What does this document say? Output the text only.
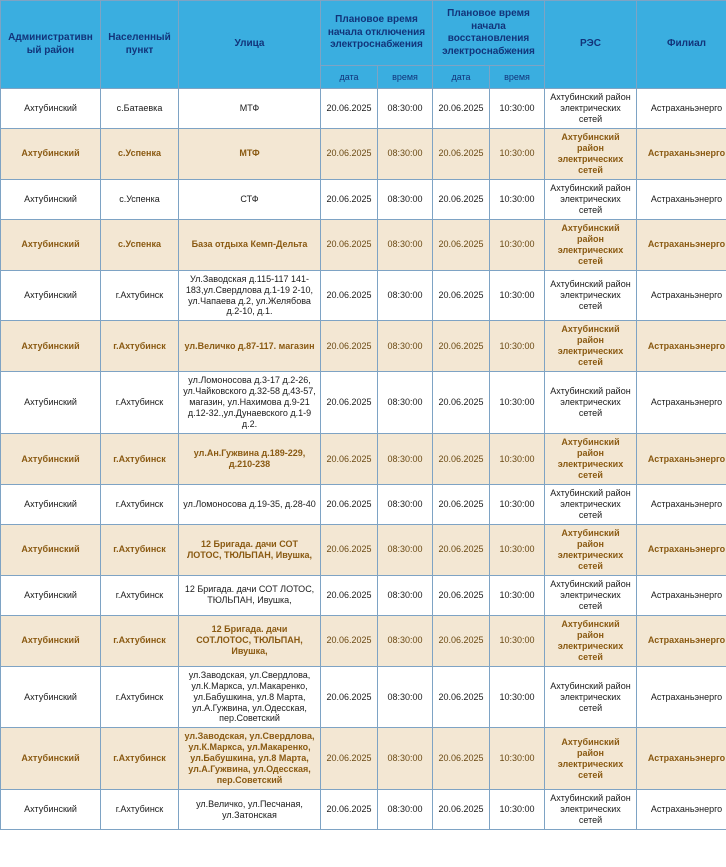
Административный район	Населенный пункт	Улица	Плановое время начала отключения электроснабжения		Плановое время начала восстановления электроснабжения		РЭС	Филиал
			дата	время	дата	время		
Ахтубинский	с.Батаевка	МТФ	20.06.2025	08:30:00	20.06.2025	10:30:00	Ахтубинский район электрических сетей	Астраханьэнерго
Ахтубинский	с.Успенка	МТФ	20.06.2025	08:30:00	20.06.2025	10:30:00	Ахтубинский район электрических сетей	Астраханьэнерго
Ахтубинский	с.Успенка	СТФ	20.06.2025	08:30:00	20.06.2025	10:30:00	Ахтубинский район электрических сетей	Астраханьэнерго
Ахтубинский	с.Успенка	База отдыха Кемп-Дельта	20.06.2025	08:30:00	20.06.2025	10:30:00	Ахтубинский район электрических сетей	Астраханьэнерго
Ахтубинский	г.Ахтубинск	Ул.Заводская д.115-117 141-183,ул.Свердлова д.1-19 2-10, ул.Чапаева д.2, ул.Желябова д.2-10, д.1.	20.06.2025	08:30:00	20.06.2025	10:30:00	Ахтубинский район электрических сетей	Астраханьэнерго
Ахтубинский	г.Ахтубинск	ул.Величко д.87-117. магазин	20.06.2025	08:30:00	20.06.2025	10:30:00	Ахтубинский район электрических сетей	Астраханьэнерго
Ахтубинский	г.Ахтубинск	ул.Ломоносова д.3-17 д.2-26, ул.Чайковского д.32-58 д,43-57, магазин, ул.Нахимова д.9-21 д.12-32.,ул.Дунаевского д.1-9 д.2.	20.06.2025	08:30:00	20.06.2025	10:30:00	Ахтубинский район электрических сетей	Астраханьэнерго
Ахтубинский	г.Ахтубинск	ул.Ан.Гужвина д.189-229, д.210-238	20.06.2025	08:30:00	20.06.2025	10:30:00	Ахтубинский район электрических сетей	Астраханьэнерго
Ахтубинский	г.Ахтубинск	ул.Ломоносова д.19-35, д.28-40	20.06.2025	08:30:00	20.06.2025	10:30:00	Ахтубинский район электрических сетей	Астраханьэнерго
Ахтубинский	г.Ахтубинск	12 Бригада. дачи СОТ ЛОТОС, ТЮЛЬПАН, Ивушка,	20.06.2025	08:30:00	20.06.2025	10:30:00	Ахтубинский район электрических сетей	Астраханьэнерго
Ахтубинский	г.Ахтубинск	12 Бригада. дачи СОТ ЛОТОС, ТЮЛЬПАН, Ивушка,	20.06.2025	08:30:00	20.06.2025	10:30:00	Ахтубинский район электрических сетей	Астраханьэнерго
Ахтубинский	г.Ахтубинск	12 Бригада. дачи СОТ.ЛОТОС, ТЮЛЬПАН, Ивушка,	20.06.2025	08:30:00	20.06.2025	10:30:00	Ахтубинский район электрических сетей	Астраханьэнерго
Ахтубинский	г.Ахтубинск	ул.Заводская, ул.Свердлова, ул.К.Маркса, ул.Макаренко, ул.Бабушкина, ул.8 Марта, ул.А.Гужвина, ул.Одесская, пер.Советский	20.06.2025	08:30:00	20.06.2025	10:30:00	Ахтубинский район электрических сетей	Астраханьэнерго
Ахтубинский	г.Ахтубинск	ул.Заводская, ул.Свердлова, ул.К.Маркса, ул.Макаренко, ул.Бабушкина, ул.8 Марта, ул.А.Гужвина, ул.Одесская, пер.Советский	20.06.2025	08:30:00	20.06.2025	10:30:00	Ахтубинский район электрических сетей	Астраханьэнерго
Ахтубинский	г.Ахтубинск	ул.Величко, ул.Песчаная, ул.Затонская	20.06.2025	08:30:00	20.06.2025	10:30:00	Ахтубинский район электрических сетей	Астраханьэнерго
